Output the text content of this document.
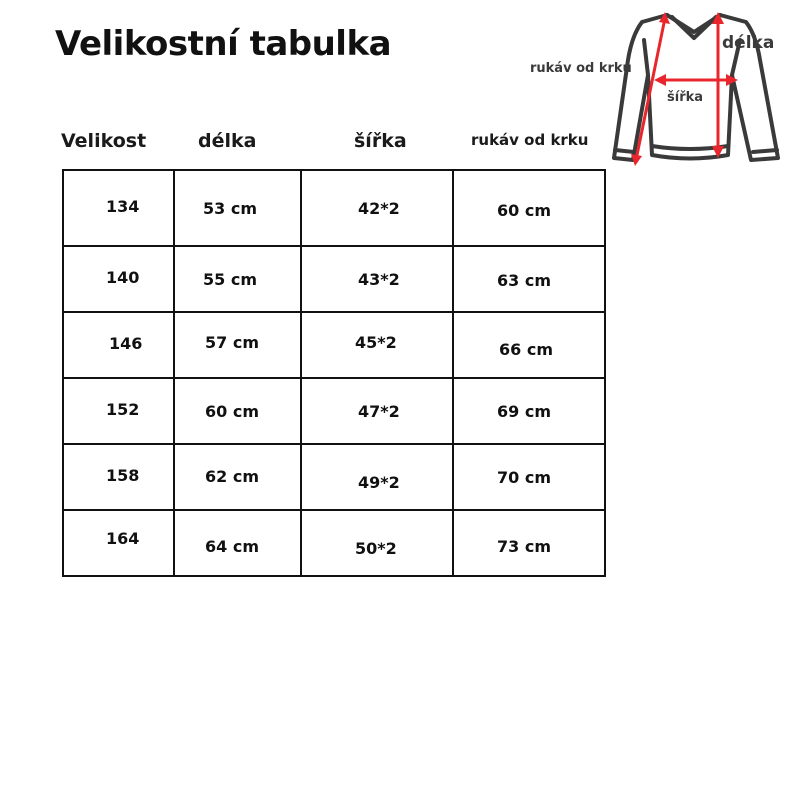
Velikostní tabulka
Velikost	délka	šířka	rukáv od krku
134	53 cm	42*2	60 cm
140	55 cm	43*2	63 cm
146	57 cm	45*2	66 cm
152	60 cm	47*2	69 cm
158	62 cm	49*2	70 cm
164	64 cm	50*2	73 cm
délka
rukáv od krku
šířka
